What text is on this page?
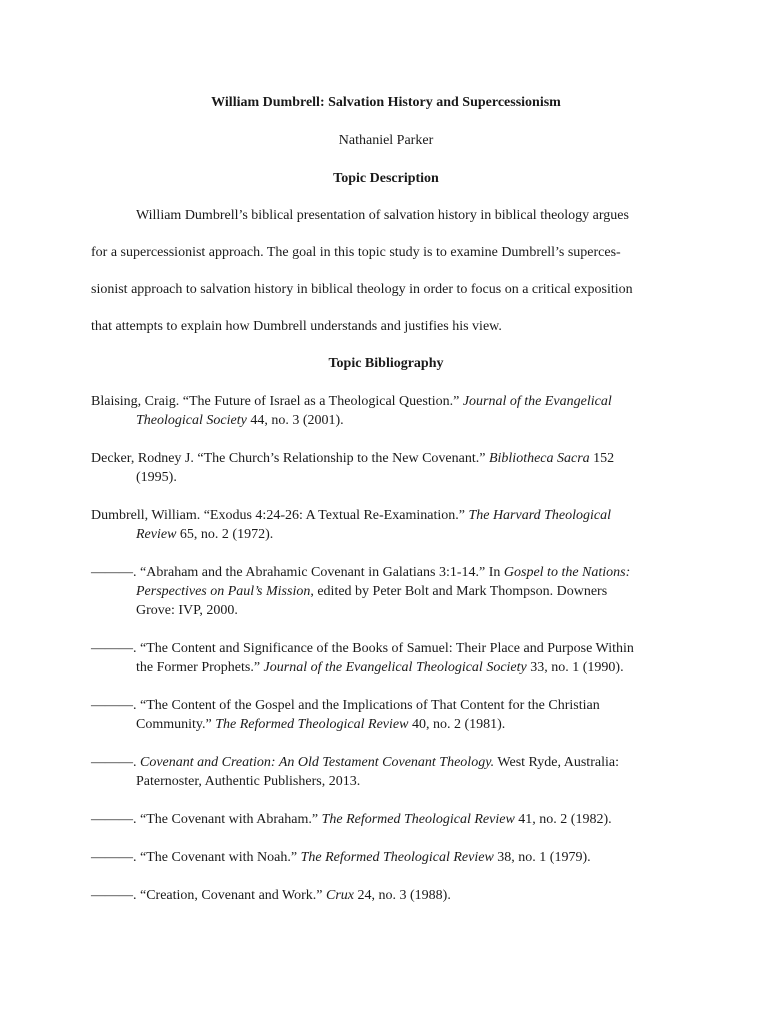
William Dumbrell: Salvation History and Supercessionism
Nathaniel Parker
Topic Description
William Dumbrell’s biblical presentation of salvation history in biblical theology argues
for a supercessionist approach. The goal in this topic study is to examine Dumbrell’s superces-
sionist approach to salvation history in biblical theology in order to focus on a critical exposition
that attempts to explain how Dumbrell understands and justifies his view.
Topic Bibliography
Blaising, Craig. “The Future of Israel as a Theological Question.” Journal of the Evangelical
Theological Society 44, no. 3 (2001).
Decker, Rodney J. “The Church’s Relationship to the New Covenant.” Bibliotheca Sacra 152
(1995).
Dumbrell, William. “Exodus 4:24-26: A Textual Re-Examination.” The Harvard Theological
Review 65, no. 2 (1972).
———. “Abraham and the Abrahamic Covenant in Galatians 3:1-14.” In Gospel to the Nations:
Perspectives on Paul’s Mission, edited by Peter Bolt and Mark Thompson. Downers
Grove: IVP, 2000.
———. “The Content and Significance of the Books of Samuel: Their Place and Purpose Within
the Former Prophets.” Journal of the Evangelical Theological Society 33, no. 1 (1990).
———. “The Content of the Gospel and the Implications of That Content for the Christian
Community.” The Reformed Theological Review 40, no. 2 (1981).
———. Covenant and Creation: An Old Testament Covenant Theology. West Ryde, Australia:
Paternoster, Authentic Publishers, 2013.
———. “The Covenant with Abraham.” The Reformed Theological Review 41, no. 2 (1982).
———. “The Covenant with Noah.” The Reformed Theological Review 38, no. 1 (1979).
———. “Creation, Covenant and Work.” Crux 24, no. 3 (1988).
